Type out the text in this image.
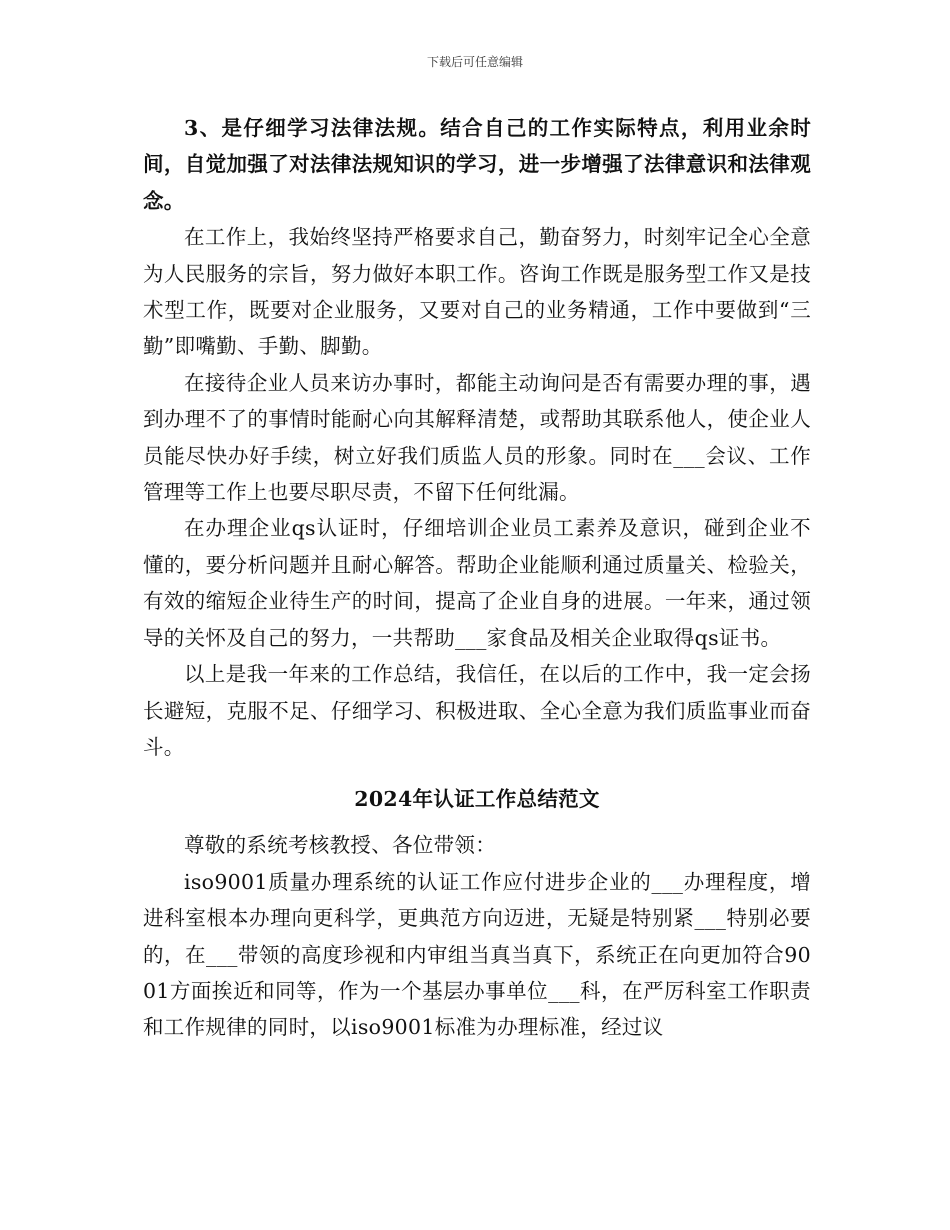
下载后可任意编辑

3、是仔细学习法律法规。结合自己的工作实际特点，利用业余时间，自觉加强了对法律法规知识的学习，进一步增强了法律意识和法律观念。

在工作上，我始终坚持严格要求自己，勤奋努力，时刻牢记全心全意为人民服务的宗旨，努力做好本职工作。咨询工作既是服务型工作又是技术型工作，既要对企业服务，又要对自己的业务精通，工作中要做到“三勤”即嘴勤、手勤、脚勤。

在接待企业人员来访办事时，都能主动询问是否有需要办理的事，遇到办理不了的事情时能耐心向其解释清楚，或帮助其联系他人，使企业人员能尽快办好手续，树立好我们质监人员的形象。同时在___会议、工作管理等工作上也要尽职尽责，不留下任何纰漏。

在办理企业qs认证时，仔细培训企业员工素养及意识，碰到企业不懂的，要分析问题并且耐心解答。帮助企业能顺利通过质量关、检验关，有效的缩短企业待生产的时间，提高了企业自身的进展。一年来，通过领导的关怀及自己的努力，一共帮助___家食品及相关企业取得qs证书。

以上是我一年来的工作总结，我信任，在以后的工作中，我一定会扬长避短，克服不足、仔细学习、积极进取、全心全意为我们质监事业而奋斗。

2024年认证工作总结范文

尊敬的系统考核教授、各位带领：

iso9001质量办理系统的认证工作应付进步企业的___办理程度，增进科室根本办理向更科学，更典范方向迈进，无疑是特别紧___特别必要的，在___带领的高度珍视和内审组当真当真下，系统正在向更加符合9001方面挨近和同等，作为一个基层办事单位___科，在严厉科室工作职责和工作规律的同时，以iso9001标准为办理标准，经过议
